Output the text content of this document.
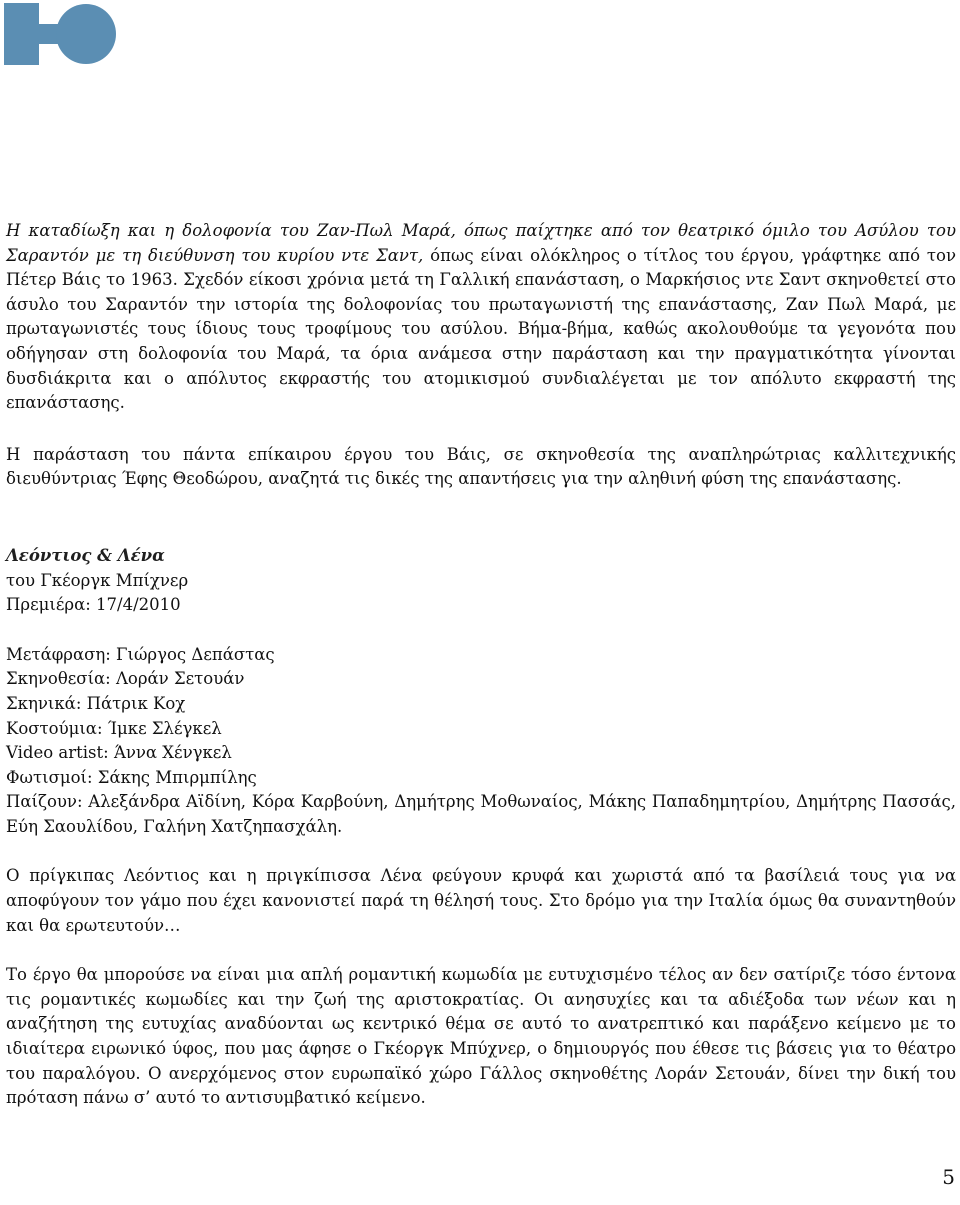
Η καταδίωξη και η δολοφονία του Ζαν-Πωλ Μαρά, όπως παίχτηκε από τον θεατρικό όμιλο του Ασύλου του Σαραντόν με τη διεύθυνση του κυρίου ντε Σαντ, όπως είναι ολόκληρος ο τίτλος του έργου, γράφτηκε από τον Πέτερ Βάις το 1963. Σχεδόν είκοσι χρόνια μετά τη Γαλλική επανάσταση, ο Μαρκήσιος ντε Σαντ σκηνοθετεί στο άσυλο του Σαραντόν την ιστορία της δολοφονίας του πρωταγωνιστή της επανάστασης, Ζαν Πωλ Μαρά, με πρωταγωνιστές τους ίδιους τους τροφίμους του ασύλου. Βήμα-βήμα, καθώς ακολουθούμε τα γεγονότα που οδήγησαν στη δολοφονία του Μαρά, τα όρια ανάμεσα στην παράσταση και την πραγματικότητα γίνονται δυσδιάκριτα και ο απόλυτος εκφραστής του ατομικισμού συνδιαλέγεται με τον απόλυτο εκφραστή της επανάστασης.

Η παράσταση του πάντα επίκαιρου έργου του Βάις, σε σκηνοθεσία της αναπληρώτριας καλλιτεχνικής διευθύντριας Έφης Θεοδώρου, αναζητά τις δικές της απαντήσεις για την αληθινή φύση της επανάστασης.

Λεόντιος & Λένα
του Γκέοργκ Μπίχνερ
Πρεμιέρα: 17/4/2010
Μετάφραση: Γιώργος Δεπάστας
Σκηνοθεσία: Λοράν Σετουάν
Σκηνικά: Πάτρικ Κοχ
Κοστούμια: Ίμκε Σλέγκελ
Video artist: Άννα Χένγκελ
Φωτισμοί: Σάκης Μπιρμπίλης

Παίζουν: Αλεξάνδρα Αϊδίνη, Κόρα Καρβούνη, Δημήτρης Μοθωναίος, Μάκης Παπαδημητρίου, Δημήτρης Πασσάς, Εύη Σαουλίδου, Γαλήνη Χατζηπασχάλη.

Ο πρίγκιπας Λεόντιος και η πριγκίπισσα Λένα φεύγουν κρυφά και χωριστά από τα βασίλειά τους για να αποφύγουν τον γάμο που έχει κανονιστεί παρά τη θέλησή τους. Στο δρόμο για την Ιταλία όμως θα συναντηθούν και θα ερωτευτούν…

Το έργο θα μπορούσε να είναι μια απλή ρομαντική κωμωδία με ευτυχισμένο τέλος αν δεν σατίριζε τόσο έντονα τις ρομαντικές κωμωδίες και την ζωή της αριστοκρατίας. Οι ανησυχίες και τα αδιέξοδα των νέων και η αναζήτηση της ευτυχίας αναδύονται ως κεντρικό θέμα σε αυτό το ανατρεπτικό και παράξενο κείμενο με το ιδιαίτερα ειρωνικό ύφος, που μας άφησε ο Γκέοργκ Μπύχνερ, ο δημιουργός που έθεσε τις βάσεις για το θέατρο του παραλόγου. Ο ανερχόμενος στον ευρωπαϊκό χώρο Γάλλος σκηνοθέτης Λοράν Σετουάν, δίνει την δική του πρόταση πάνω σ’ αυτό το αντισυμβατικό κείμενο.

5
